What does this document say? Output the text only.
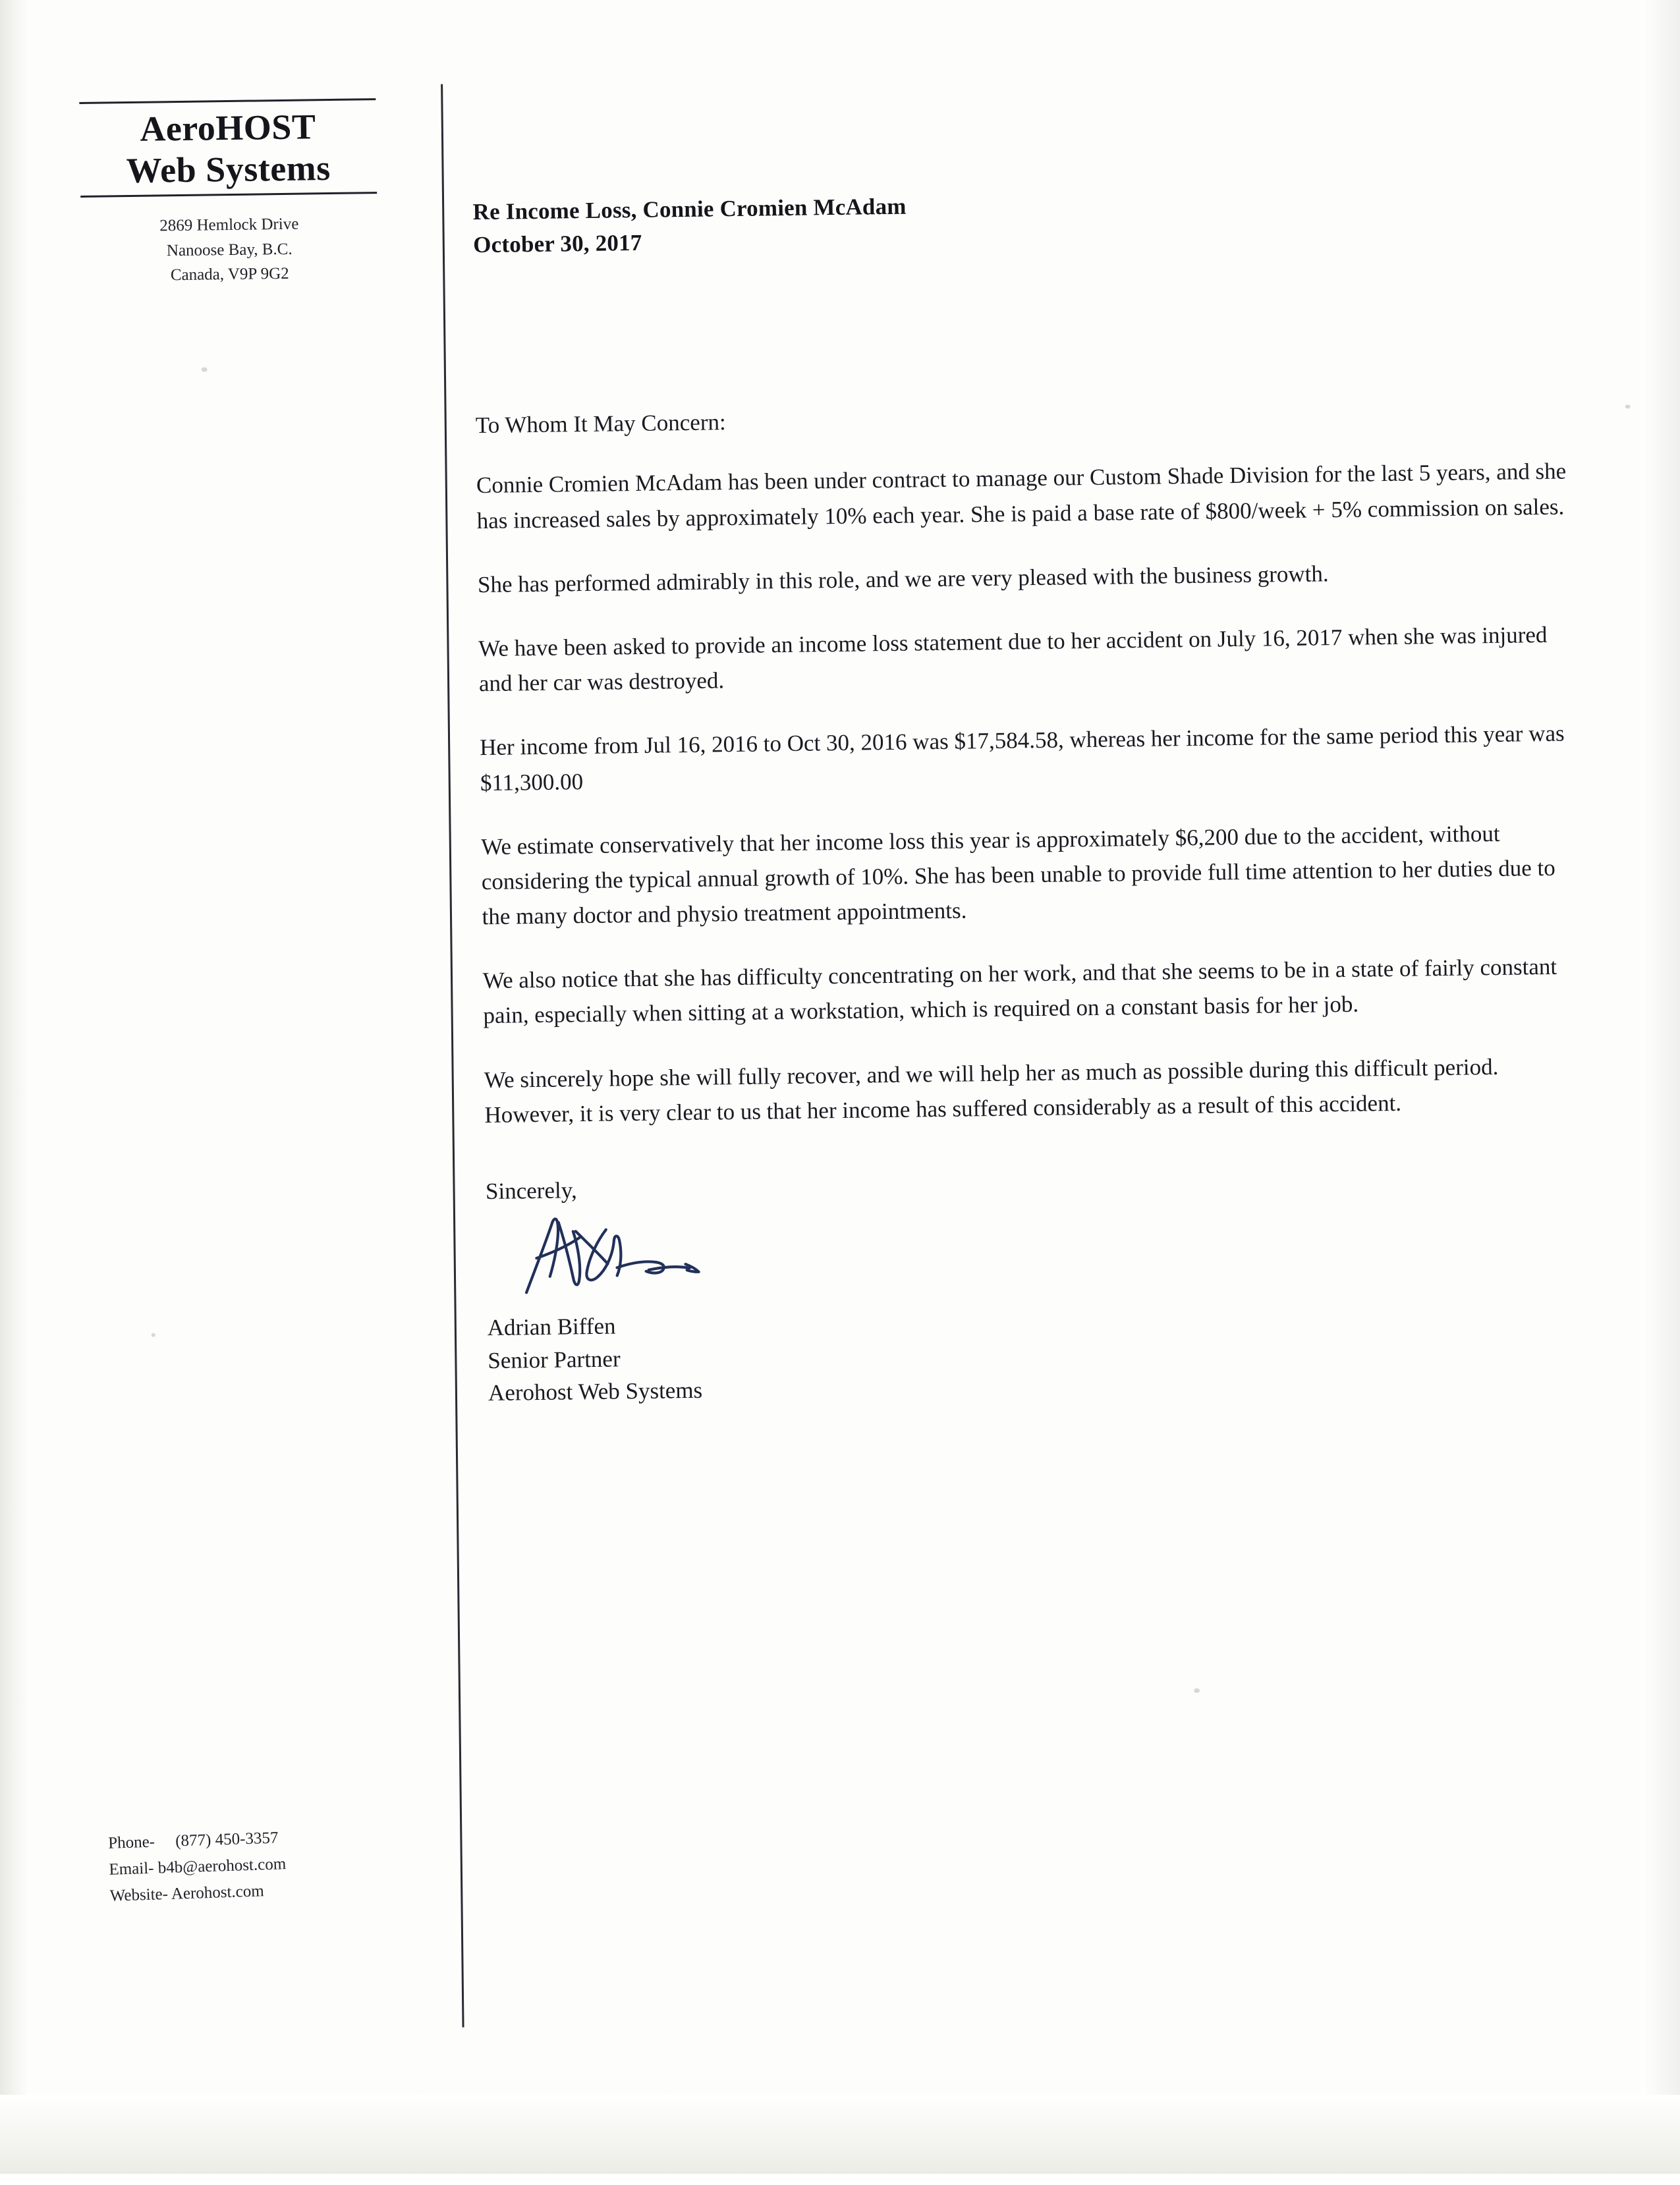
AeroHOST
Web Systems
2869 Hemlock Drive
Nanoose Bay, B.C.
Canada, V9P 9G2
Phone-     (877) 450-3357
Email- b4b@aerohost.com
Website- Aerohost.com
Re Income Loss, Connie Cromien McAdam
October 30, 2017
To Whom It May Concern:
Connie Cromien McAdam has been under contract to manage our Custom Shade Division for the last 5 years, and she has increased sales by approximately 10% each year. She is paid a base rate of $800/week + 5% commission on sales.
She has performed admirably in this role, and we are very pleased with the business growth.
We have been asked to provide an income loss statement due to her accident on July 16, 2017 when she was injured and her car was destroyed.
Her income from Jul 16, 2016 to Oct 30, 2016 was $17,584.58, whereas her income for the same period this year was $11,300.00
We estimate conservatively that her income loss this year is approximately $6,200 due to the accident, without considering the typical annual growth of 10%. She has been unable to provide full time attention to her duties due to the many doctor and physio treatment appointments.
We also notice that she has difficulty concentrating on her work, and that she seems to be in a state of fairly constant pain, especially when sitting at a workstation, which is required on a constant basis for her job.
We sincerely hope she will fully recover, and we will help her as much as possible during this difficult period. However, it is very clear to us that her income has suffered considerably as a result of this accident.
Sincerely,
Adrian Biffen
Senior Partner
Aerohost Web Systems
